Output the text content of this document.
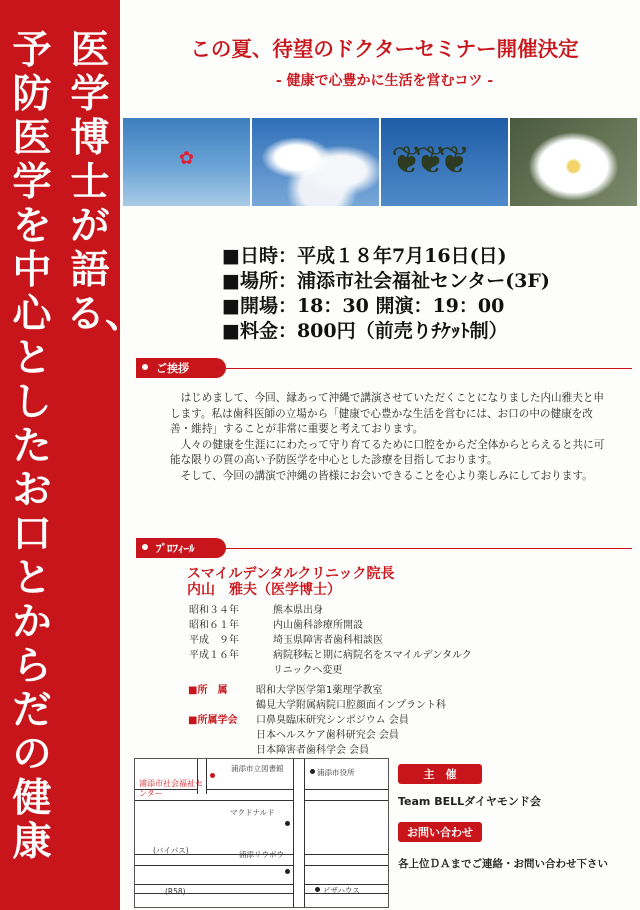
医学博士が語る、
予防医学を中心としたお口とからだの健康
この夏、待望のドクターセミナー開催決定
- 健康で心豊かに生活を営むコツ -
✿	❦❦❦
■日時：平成１８年7月16日(日)
■場所：浦添市社会福祉センター(3F)
■開場：18：30 開演：19：00
■料金：800円（前売りﾁｹｯﾄ制）
ご挨拶

はじめまして、今回、縁あって沖縄で講演させていただくことになりました内山雅夫と申します。私は歯科医師の立場から「健康で心豊かな生活を営むには、お口の中の健康を改善・維持」することが非常に重要と考えております。

人々の健康を生涯ににわたって守り育てるために口腔をからだ全体からとらえると共に可能な限りの質の高い予防医学を中心とした診療を目指しております。

そして、今回の講演で沖縄の皆様にお会いできることを心より楽しみにしております。

ﾌﾟﾛﾌｨｰﾙ
スマイルデンタルクリニック院長
内山　雅夫（医学博士）
昭和３４年	熊本県出身
昭和６１年	内山歯科診療所開設
平成　９年	埼玉県障害者歯科相談医
平成１６年	病院移転と期に病院名をスマイルデンタルク
リニックへ変更
■所　属	昭和大学医学第1薬理学教室
鶴見大学附属病院口腔顔面インプラント科
■所属学会	口鼻臭臨床研究シンポジウム 会員
日本ヘルスケア歯科研究会 会員
日本障害者歯科学会 会員
浦添市社会福祉センター
浦添市立図書館	浦添市役所
マクドナルド
(バイパス)	浦添リウボウ
(R58)	ピザハウス
主　催
Team BELLダイヤモンド会
お問い合わせ
各上位ＤＡまでご連絡・お問い合わせ下さい
